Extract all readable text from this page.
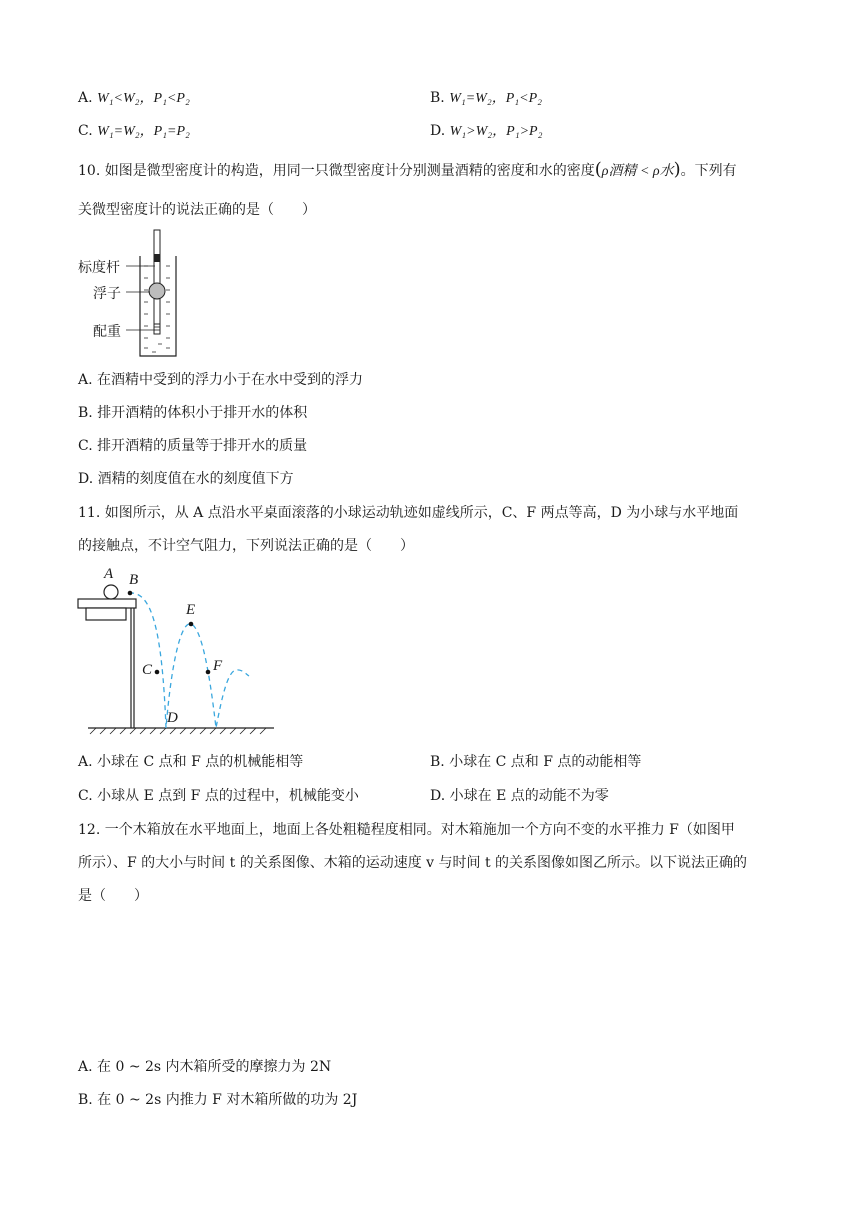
A. W₁<W₂，P₁<P₂	B. W₁=W₂，P₁<P₂
C. W₁=W₂，P₁=P₂	D. W₁>W₂，P₁>P₂
10. 如图是微型密度计的构造，用同一只微型密度计分别测量酒精的密度和水的密度(ρ酒精 < ρ水)。下列有
关微型密度计的说法正确的是（　　）
标度杆
浮子
配重
A. 在酒精中受到的浮力小于在水中受到的浮力
B. 排开酒精的体积小于排开水的体积
C. 排开酒精的质量等于排开水的质量
D. 酒精的刻度值在水的刻度值下方
11. 如图所示，从 A 点沿水平桌面滚落的小球运动轨迹如虚线所示，C、F 两点等高，D 为小球与水平地面
的接触点，不计空气阻力，下列说法正确的是（　　）
A B
C
D
E
F
A. 小球在 C 点和 F 点的机械能相等	B. 小球在 C 点和 F 点的动能相等
C. 小球从 E 点到 F 点的过程中，机械能变小	D. 小球在 E 点的动能不为零
12. 一个木箱放在水平地面上，地面上各处粗糙程度相同。对木箱施加一个方向不变的水平推力 F（如图甲
所示）、F 的大小与时间 t 的关系图像、木箱的运动速度 v 与时间 t 的关系图像如图乙所示。以下说法正确的
是（　　）
A. 在 0 ~ 2s 内木箱所受的摩擦力为 2N
B. 在 0 ~ 2s 内推力 F 对木箱所做的功为 2J
